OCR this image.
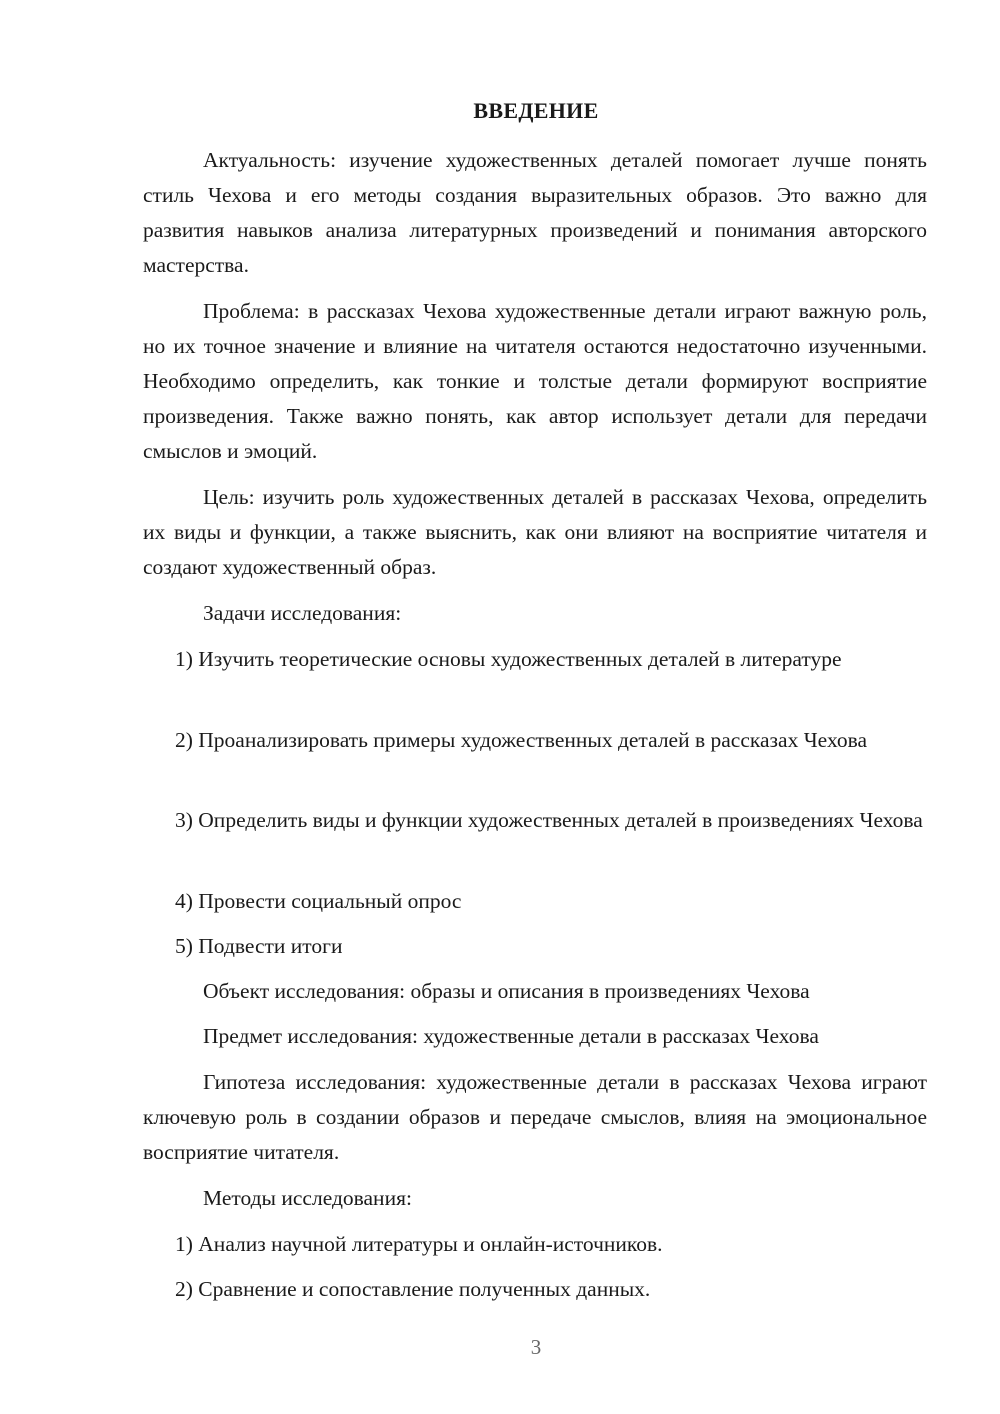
ВВЕДЕНИЕ

Актуальность: изучение художественных деталей помогает лучше понять стиль Чехова и его методы создания выразительных образов. Это важно для развития навыков анализа литературных произведений и понимания авторского мастерства.

Проблема: в рассказах Чехова художественные детали играют важную роль, но их точное значение и влияние на читателя остаются недостаточно изученными. Необходимо определить, как тонкие и толстые детали формируют восприятие произведения. Также важно понять, как автор использует детали для передачи смыслов и эмоций.

Цель: изучить роль художественных деталей в рассказах Чехова, определить их виды и функции, а также выяснить, как они влияют на восприятие читателя и создают художественный образ.

Задачи исследования:

1) Изучить теоретические основы художественных деталей в литературе

2) Проанализировать примеры художественных деталей в рассказах Чехова

3) Определить виды и функции художественных деталей в произведениях Чехова

4) Провести социальный опрос

5) Подвести итоги

Объект исследования: образы и описания в произведениях Чехова

Предмет исследования: художественные детали в рассказах Чехова

Гипотеза исследования: художественные детали в рассказах Чехова играют ключевую роль в создании образов и передаче смыслов, влияя на эмоциональное восприятие читателя.

Методы исследования:

1) Анализ научной литературы и онлайн-источников.

2) Сравнение и сопоставление полученных данных.

3
